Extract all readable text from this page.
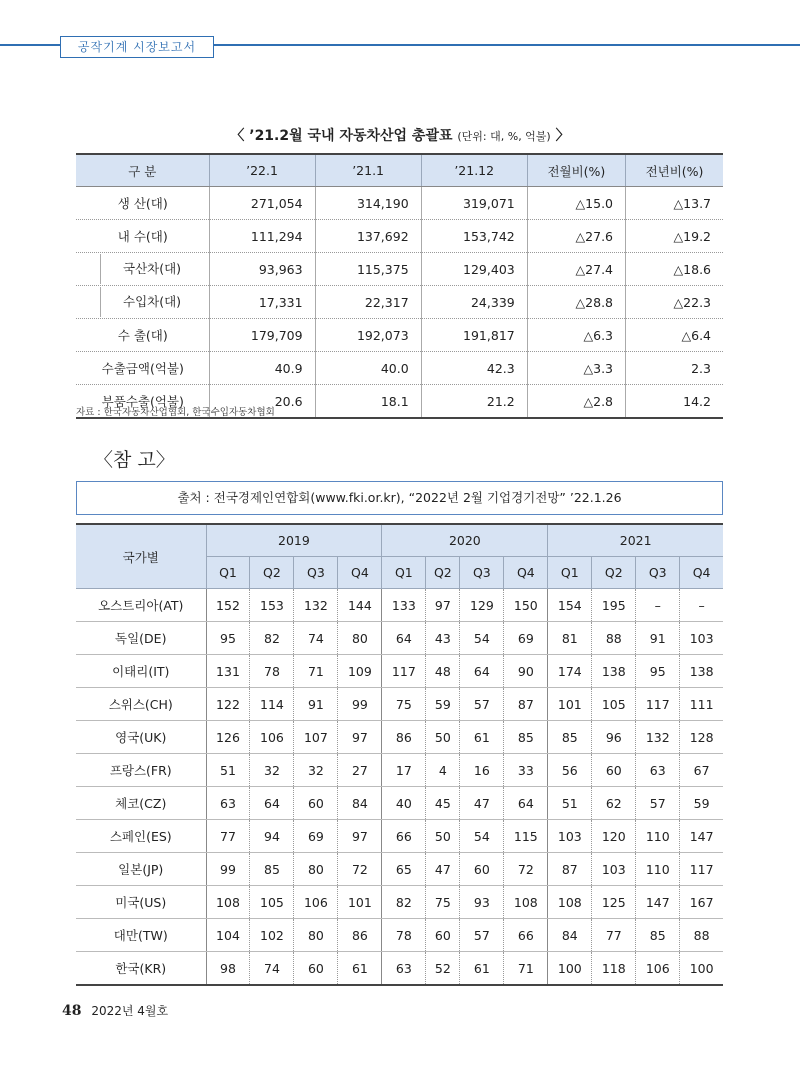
공작기계 시장보고서
〈 ’21.2월 국내 자동차산업 총괄표 (단위: 대, %, 억불) 〉
구 분	’22.1	’21.1	’21.12	전월비(%)	전년비(%)
생 산(대)	271,054	314,190	319,071	△15.0	△13.7
내 수(대)	111,294	137,692	153,742	△27.6	△19.2
국산차(대)	93,963	115,375	129,403	△27.4	△18.6
수입차(대)	17,331	22,317	24,339	△28.8	△22.3
수 출(대)	179,709	192,073	191,817	△6.3	△6.4
수출금액(억불)	40.9	40.0	42.3	△3.3	2.3
부품수출(억불)	20.6	18.1	21.2	△2.8	14.2
자료 : 한국자동차산업협회, 한국수입자동차협회
〈참 고〉
출처 : 전국경제인연합회(www.fki.or.kr), “2022년 2월 기업경기전망” ’22.1.26
국가별	2019				2020				2021			
	Q1	Q2	Q3	Q4	Q1	Q2	Q3	Q4	Q1	Q2	Q3	Q4
오스트리아(AT)	152	153	132	144	133	97	129	150	154	195	–	–
독일(DE)	95	82	74	80	64	43	54	69	81	88	91	103
이태리(IT)	131	78	71	109	117	48	64	90	174	138	95	138
스위스(CH)	122	114	91	99	75	59	57	87	101	105	117	111
영국(UK)	126	106	107	97	86	50	61	85	85	96	132	128
프랑스(FR)	51	32	32	27	17	4	16	33	56	60	63	67
체코(CZ)	63	64	60	84	40	45	47	64	51	62	57	59
스페인(ES)	77	94	69	97	66	50	54	115	103	120	110	147
일본(JP)	99	85	80	72	65	47	60	72	87	103	110	117
미국(US)	108	105	106	101	82	75	93	108	108	125	147	167
대만(TW)	104	102	80	86	78	60	57	66	84	77	85	88
한국(KR)	98	74	60	61	63	52	61	71	100	118	106	100
48 2022년 4월호
